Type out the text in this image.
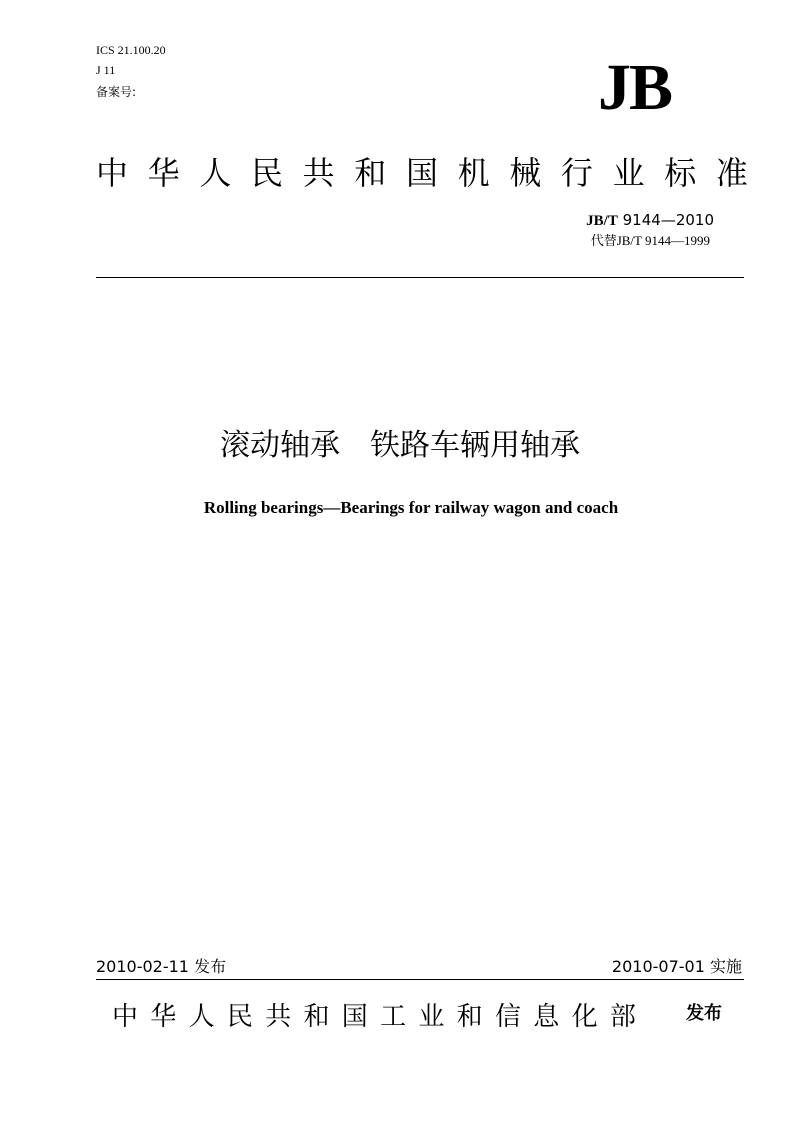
ICS 21.100.20
J 11
备案号:	JB
中 华 人 民 共 和 国 机 械 行 业 标 准
JB/T 9144—2010
代替JB/T 9144—1999
滚动轴承　铁路车辆用轴承
Rolling bearings—Bearings for railway wagon and coach
2010-02-11 发布	2010-07-01 实施
中 华 人 民 共 和 国 工 业 和 信 息 化 部	发布
